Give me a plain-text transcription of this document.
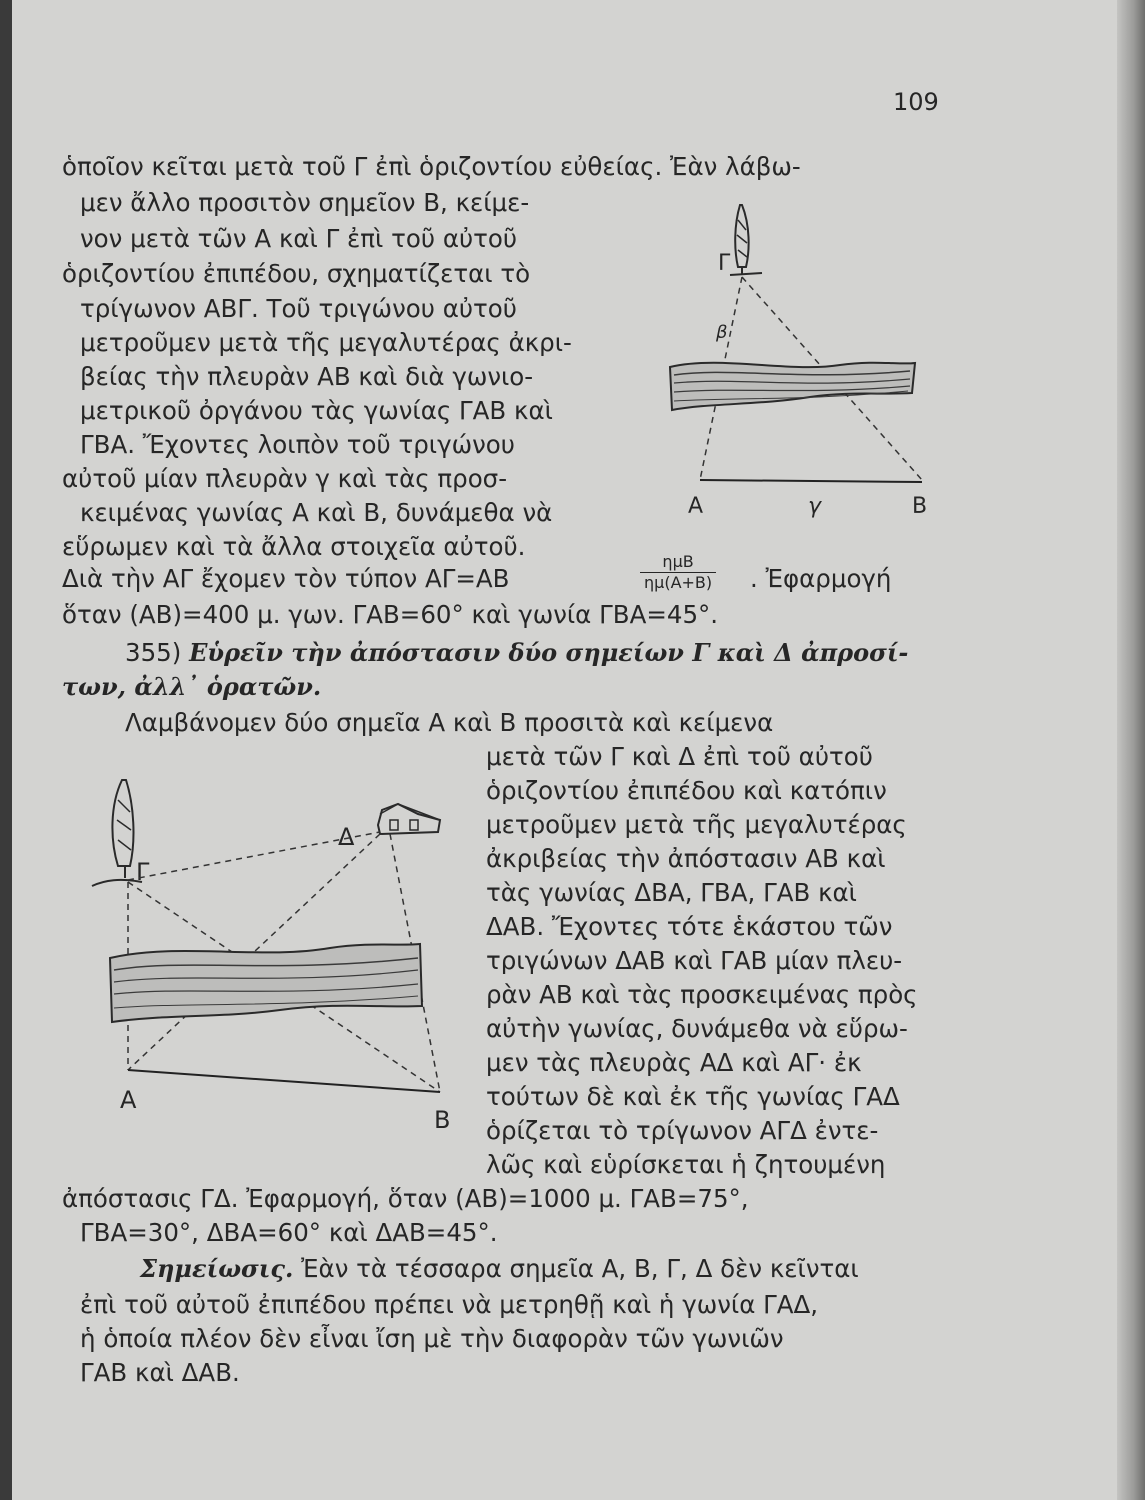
109
ὁποῖον κεῖται μετὰ τοῦ Γ ἐπὶ ὁριζοντίου εὐθείας. Ἐὰν λάβω-
μεν ἄλλο προσιτὸν σημεῖον Β, κείμε-
νον μετὰ τῶν Α καὶ Γ ἐπὶ τοῦ αὐτοῦ
ὁριζοντίου ἐπιπέδου, σχηματίζεται τὸ
τρίγωνον ΑΒΓ. Τοῦ τριγώνου αὐτοῦ
μετροῦμεν μετὰ τῆς μεγαλυτέρας ἀκρι-
βείας τὴν πλευρὰν ΑΒ καὶ διὰ γωνιο-
μετρικοῦ ὀργάνου τὰς γωνίας ΓΑΒ καὶ
ΓΒΑ. Ἔχοντες λοιπὸν τοῦ τριγώνου
αὐτοῦ μίαν πλευρὰν γ καὶ τὰς προσ-
κειμένας γωνίας Α καὶ Β, δυνάμεθα νὰ
εὕρωμεν καὶ τὰ ἄλλα στοιχεῖα αὐτοῦ.
Γ
β
Α	γ	Β
Διὰ τὴν ΑΓ ἔχομεν τὸν τύπον ΑΓ=ΑΒ
ημΒ
ημ(Α+Β) . Ἐφαρμογή
ὅταν (ΑΒ)=400 μ. γων. ΓΑΒ=60° καὶ γωνία ΓΒΑ=45°.
355) Εὑρεῖν τὴν ἀπόστασιν δύο σημείων Γ καὶ Δ ἀπροσί-
των, ἀλλ᾿ ὁρατῶν.
Λαμβάνομεν δύο σημεῖα Α καὶ Β προσιτὰ καὶ κείμενα
μετὰ τῶν Γ καὶ Δ ἐπὶ τοῦ αὐτοῦ
ὁριζοντίου ἐπιπέδου καὶ κατόπιν
μετροῦμεν μετὰ τῆς μεγαλυτέρας
ἀκριβείας τὴν ἀπόστασιν ΑΒ καὶ
τὰς γωνίας ΔΒΑ, ΓΒΑ, ΓΑΒ καὶ
ΔΑΒ. Ἔχοντες τότε ἑκάστου τῶν
τριγώνων ΔΑΒ καὶ ΓΑΒ μίαν πλευ-
ρὰν ΑΒ καὶ τὰς προσκειμένας πρὸς
αὐτὴν γωνίας, δυνάμεθα νὰ εὕρω-
μεν τὰς πλευρὰς ΑΔ καὶ ΑΓ· ἐκ
τούτων δὲ καὶ ἐκ τῆς γωνίας ΓΑΔ
ὁρίζεται τὸ τρίγωνον ΑΓΔ ἐντε-
λῶς καὶ εὑρίσκεται ἡ ζητουμένη
ἀπόστασις ΓΔ. Ἐφαρμογή, ὅταν (ΑΒ)=1000 μ. ΓΑΒ=75°,
ΓΒΑ=30°, ΔΒΑ=60° καὶ ΔΑΒ=45°.
Γ
Δ
Α
Β
Σημείωσις. Ἐὰν τὰ τέσσαρα σημεῖα Α, Β, Γ, Δ δὲν κεῖνται
ἐπὶ τοῦ αὐτοῦ ἐπιπέδου πρέπει νὰ μετρηθῇ καὶ ἡ γωνία ΓΑΔ,
ἡ ὁποία πλέον δὲν εἶναι ἴση μὲ τὴν διαφορὰν τῶν γωνιῶν
ΓΑΒ καὶ ΔΑΒ.
